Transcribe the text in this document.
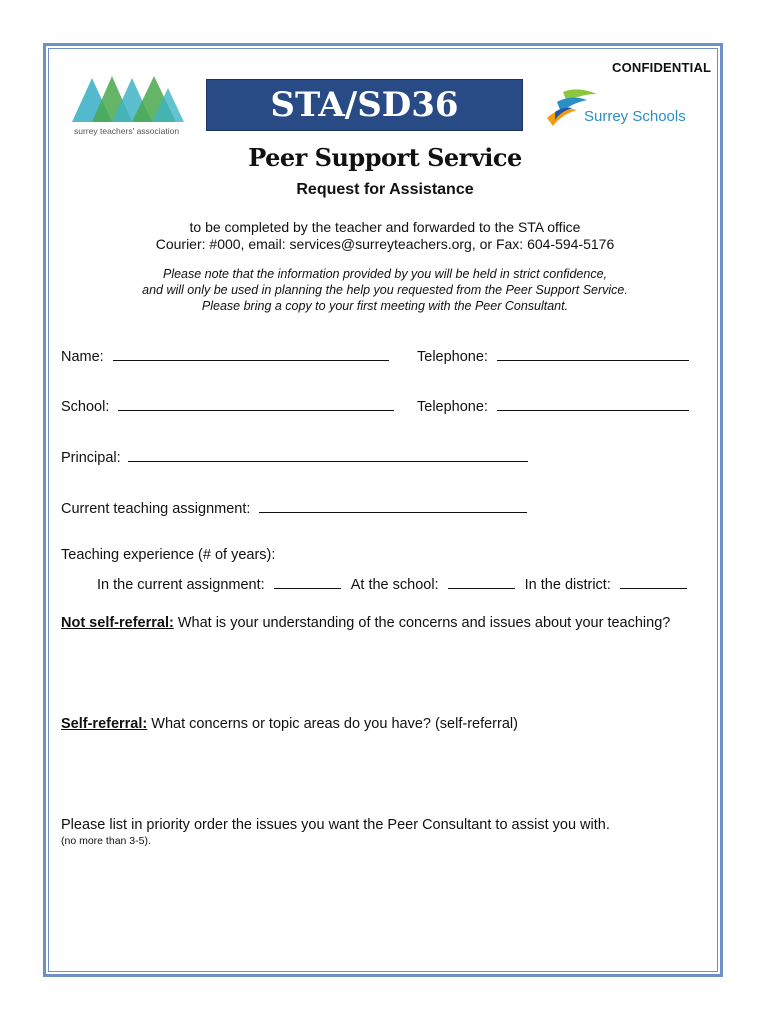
CONFIDENTIAL
surrey teachers' association
STA/SD36	Surrey Schools
Peer Support Service
Request for Assistance
to be completed by the teacher and forwarded to the STA office
Courier: #000, email: services@surreyteachers.org, or Fax: 604-594-5176
Please note that the information provided by you will be held in strict confidence,
and will only be used in planning the help you requested from the Peer Support Service.
Please bring a copy to your first meeting with the Peer Consultant.
Name:	Telephone:
School:	Telephone:
Principal:
Current teaching assignment:
Teaching experience (# of years):
In the current assignment:	At the school:	In the district:
Not self-referral: What is your understanding of the concerns and issues about your teaching?
Self-referral: What concerns or topic areas do you have? (self-referral)
Please list in priority order the issues you want the Peer Consultant to assist you with.
(no more than 3-5).
